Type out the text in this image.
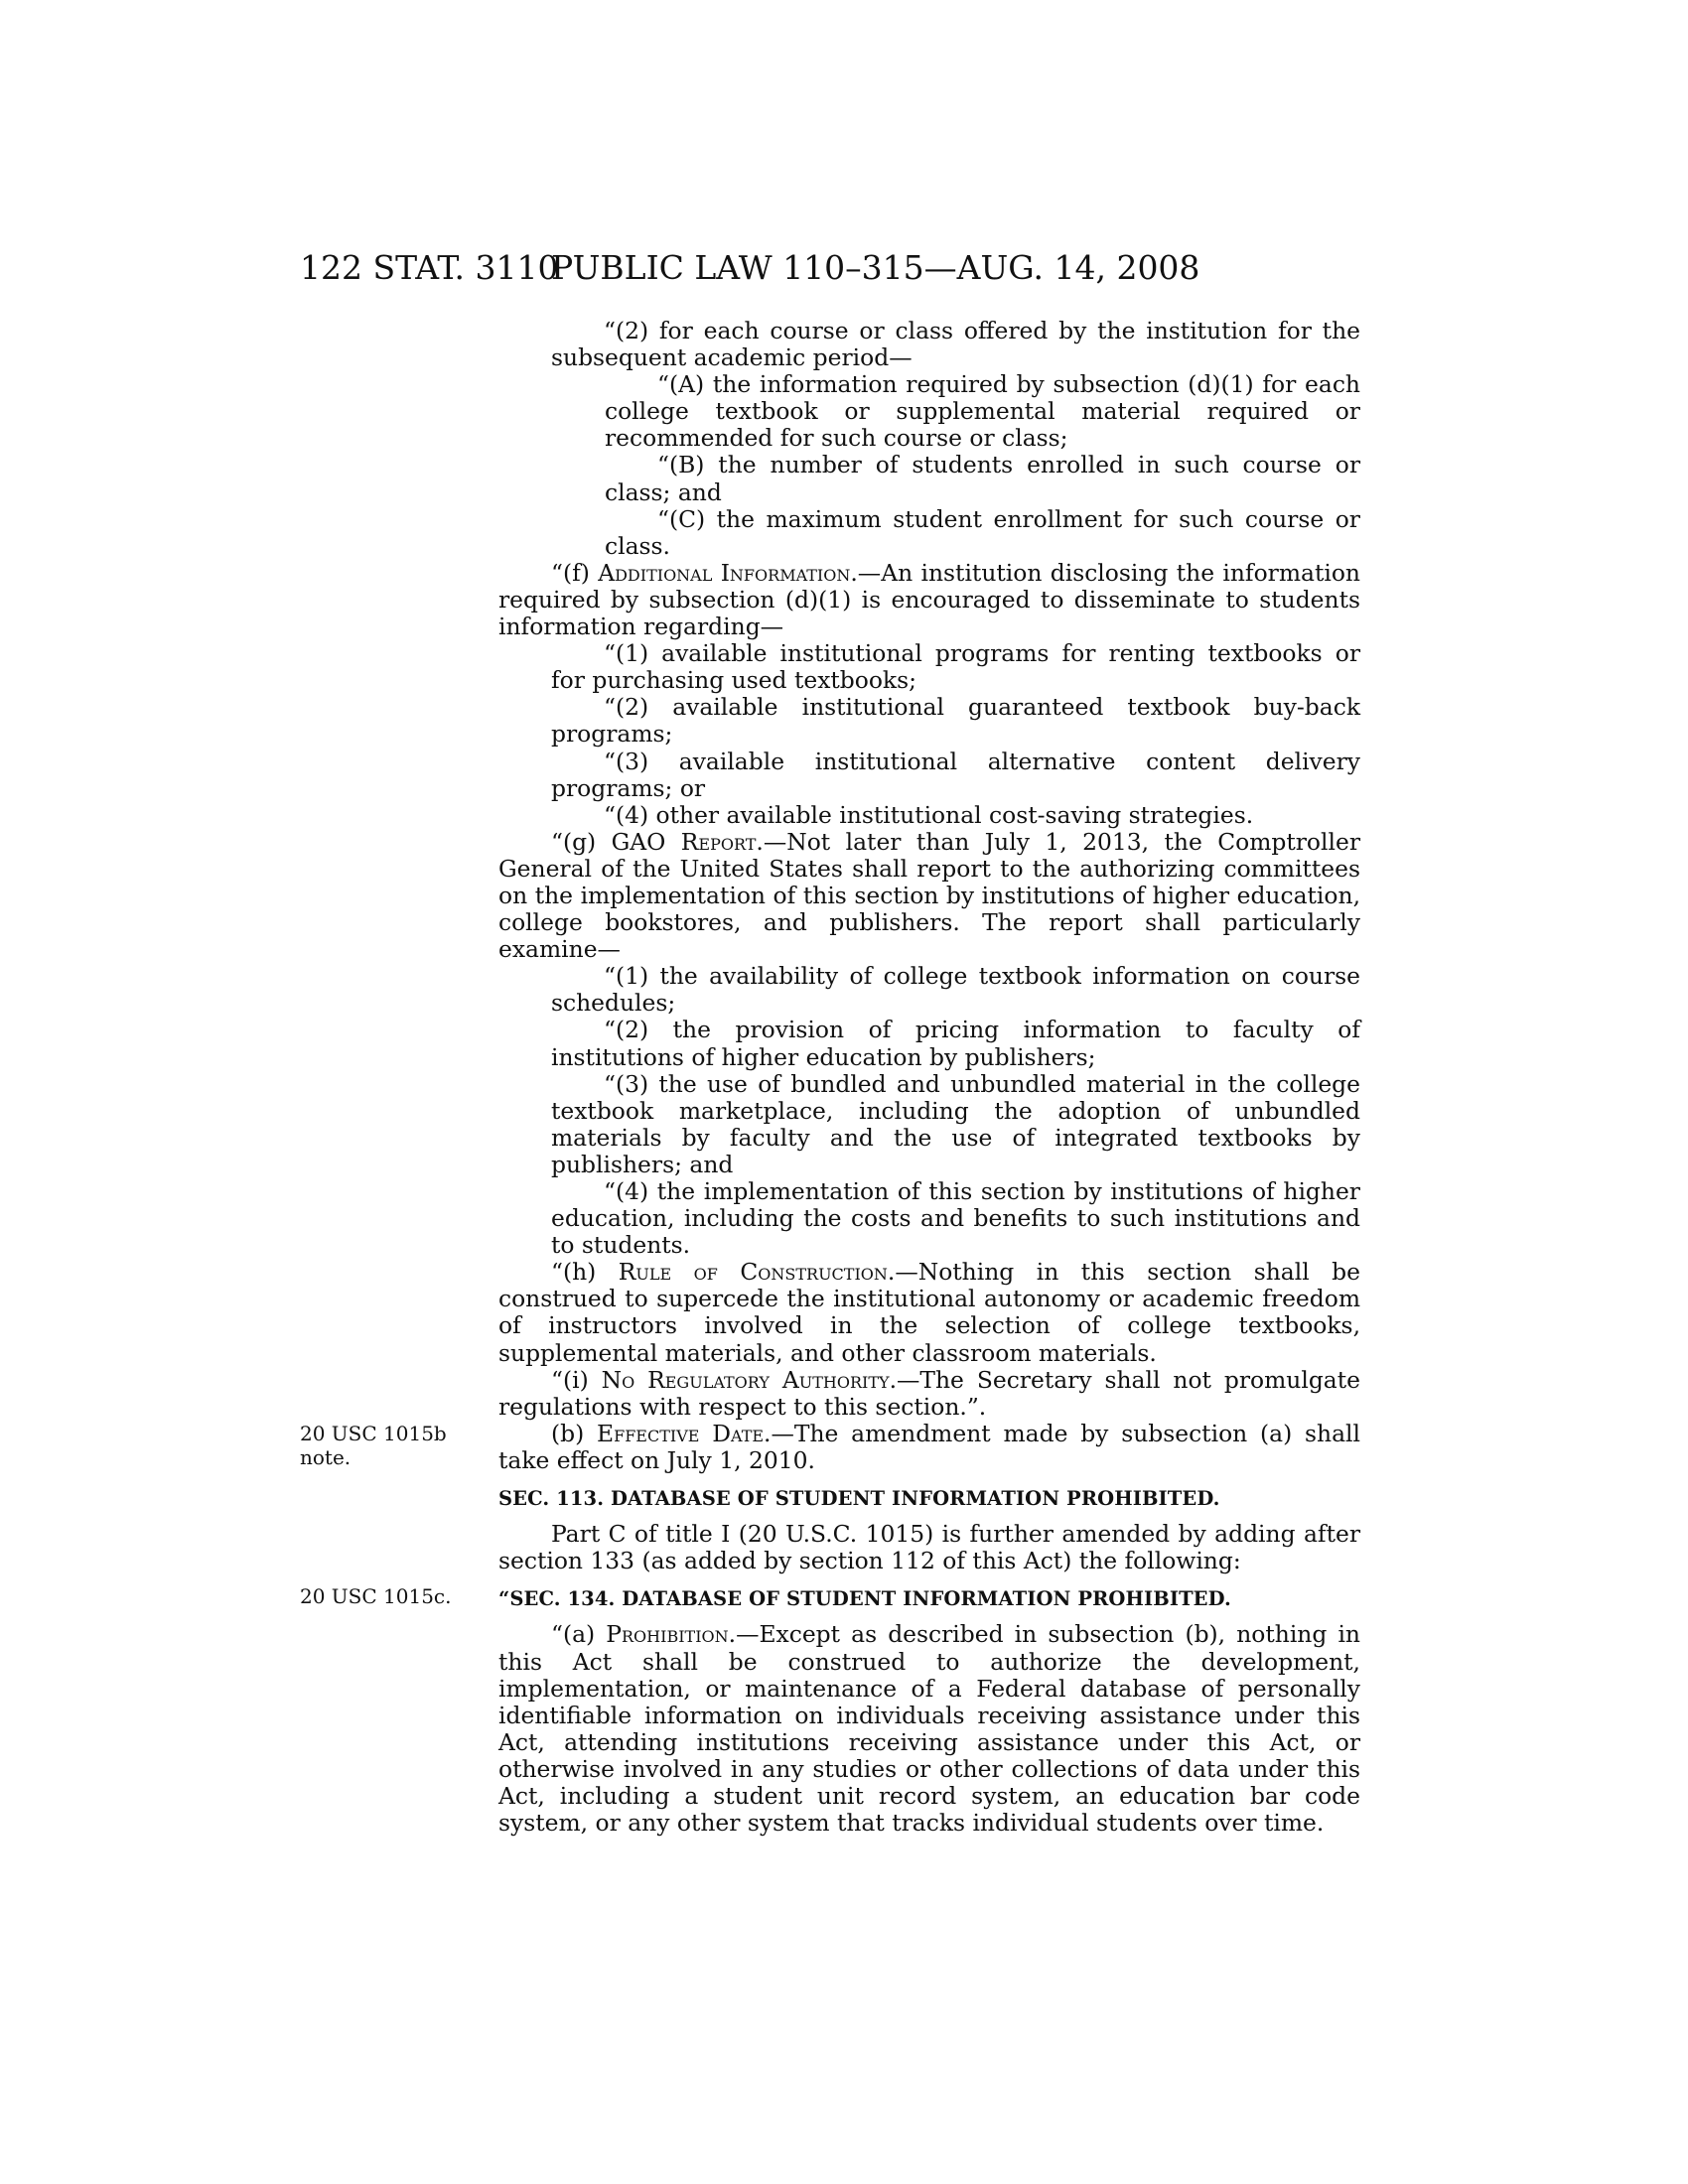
122 STAT. 3110
PUBLIC LAW 110–315—AUG. 14, 2008
20 USC 1015b
note.
20 USC 1015c.

“(2) for each course or class offered by the institution for the subsequent academic period—

“(A) the information required by subsection (d)(1) for each college textbook or supplemental material required or recommended for such course or class;

“(B) the number of students enrolled in such course or class; and

“(C) the maximum student enrollment for such course or class.

“(f) Additional Information.—An institution disclosing the information required by subsection (d)(1) is encouraged to disseminate to students information regarding—

“(1) available institutional programs for renting textbooks or for purchasing used textbooks;

“(2) available institutional guaranteed textbook buy-back programs;

“(3) available institutional alternative content delivery programs; or

“(4) other available institutional cost-saving strategies.

“(g) GAO Report.—Not later than July 1, 2013, the Comptroller General of the United States shall report to the authorizing committees on the implementation of this section by institutions of higher education, college bookstores, and publishers. The report shall particularly examine—

“(1) the availability of college textbook information on course schedules;

“(2) the provision of pricing information to faculty of institutions of higher education by publishers;

“(3) the use of bundled and unbundled material in the college textbook marketplace, including the adoption of unbundled materials by faculty and the use of integrated textbooks by publishers; and

“(4) the implementation of this section by institutions of higher education, including the costs and benefits to such institutions and to students.

“(h) Rule of Construction.—Nothing in this section shall be construed to supercede the institutional autonomy or academic freedom of instructors involved in the selection of college textbooks, supplemental materials, and other classroom materials.

“(i) No Regulatory Authority.—The Secretary shall not promulgate regulations with respect to this section.”.

(b) Effective Date.—The amendment made by subsection (a) shall take effect on July 1, 2010.

SEC. 113. DATABASE OF STUDENT INFORMATION PROHIBITED.

Part C of title I (20 U.S.C. 1015) is further amended by adding after section 133 (as added by section 112 of this Act) the following:

“SEC. 134. DATABASE OF STUDENT INFORMATION PROHIBITED.

“(a) Prohibition.—Except as described in subsection (b), nothing in this Act shall be construed to authorize the development, implementation, or maintenance of a Federal database of personally identifiable information on individuals receiving assistance under this Act, attending institutions receiving assistance under this Act, or otherwise involved in any studies or other collections of data under this Act, including a student unit record system, an education bar code system, or any other system that tracks individual students over time.
